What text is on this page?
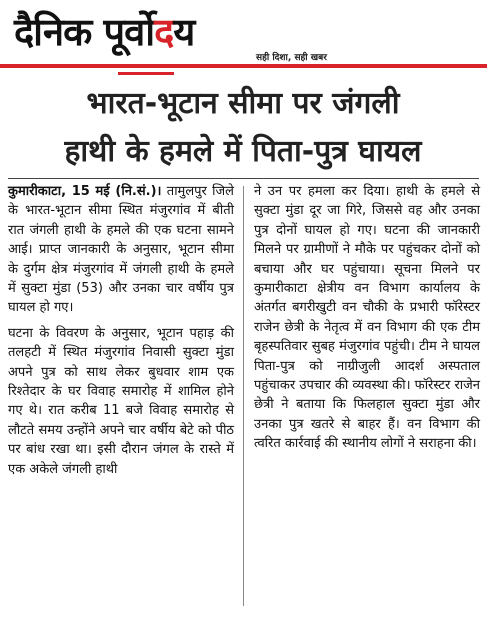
दैनिक पूर्वोदय
सही दिशा, सही खबर
भारत-भूटान सीमा पर जंगली
हाथी के हमले में पिता-पुत्र घायल

कुमारीकाटा, 15 मई (नि.सं.)। तामुलपुर जिले के भारत-भूटान सीमा स्थित मंजुरगांव में बीती रात जंगली हाथी के हमले की एक घटना सामने आई। प्राप्त जानकारी के अनुसार, भूटान सीमा के दुर्गम क्षेत्र मंजुरगांव में जंगली हाथी के हमले में सुक्टा मुंडा (53) और उनका चार वर्षीय पुत्र घायल हो गए।

घटना के विवरण के अनुसार, भूटान पहाड़ की तलहटी में स्थित मंजुरगांव निवासी सुक्टा मुंडा अपने पुत्र को साथ लेकर बुधवार शाम एक रिश्तेदार के घर विवाह समारोह में शामिल होने गए थे। रात करीब 11 बजे विवाह समारोह से लौटते समय उन्होंने अपने चार वर्षीय बेटे को पीठ पर बांध रखा था। इसी दौरान जंगल के रास्ते में एक अकेले जंगली हाथी

ने उन पर हमला कर दिया। हाथी के हमले से सुक्टा मुंडा दूर जा गिरे, जिससे वह और उनका पुत्र दोनों घायल हो गए। घटना की जानकारी मिलने पर ग्रामीणों ने मौके पर पहुंचकर दोनों को बचाया और घर पहुंचाया। सूचना मिलने पर कुमारीकाटा क्षेत्रीय वन विभाग कार्यालय के अंतर्गत बगरीखुटी वन चौकी के प्रभारी फॉरेस्टर राजेन छेत्री के नेतृत्व में वन विभाग की एक टीम बृहस्पतिवार सुबह मंजुरगांव पहुंची। टीम ने घायल पिता-पुत्र को नाग्रीजुली आदर्श अस्पताल पहुंचाकर उपचार की व्यवस्था की। फॉरेस्टर राजेन छेत्री ने बताया कि फिलहाल सुक्टा मुंडा और उनका पुत्र खतरे से बाहर हैं। वन विभाग की त्वरित कार्रवाई की स्थानीय लोगों ने सराहना की।
